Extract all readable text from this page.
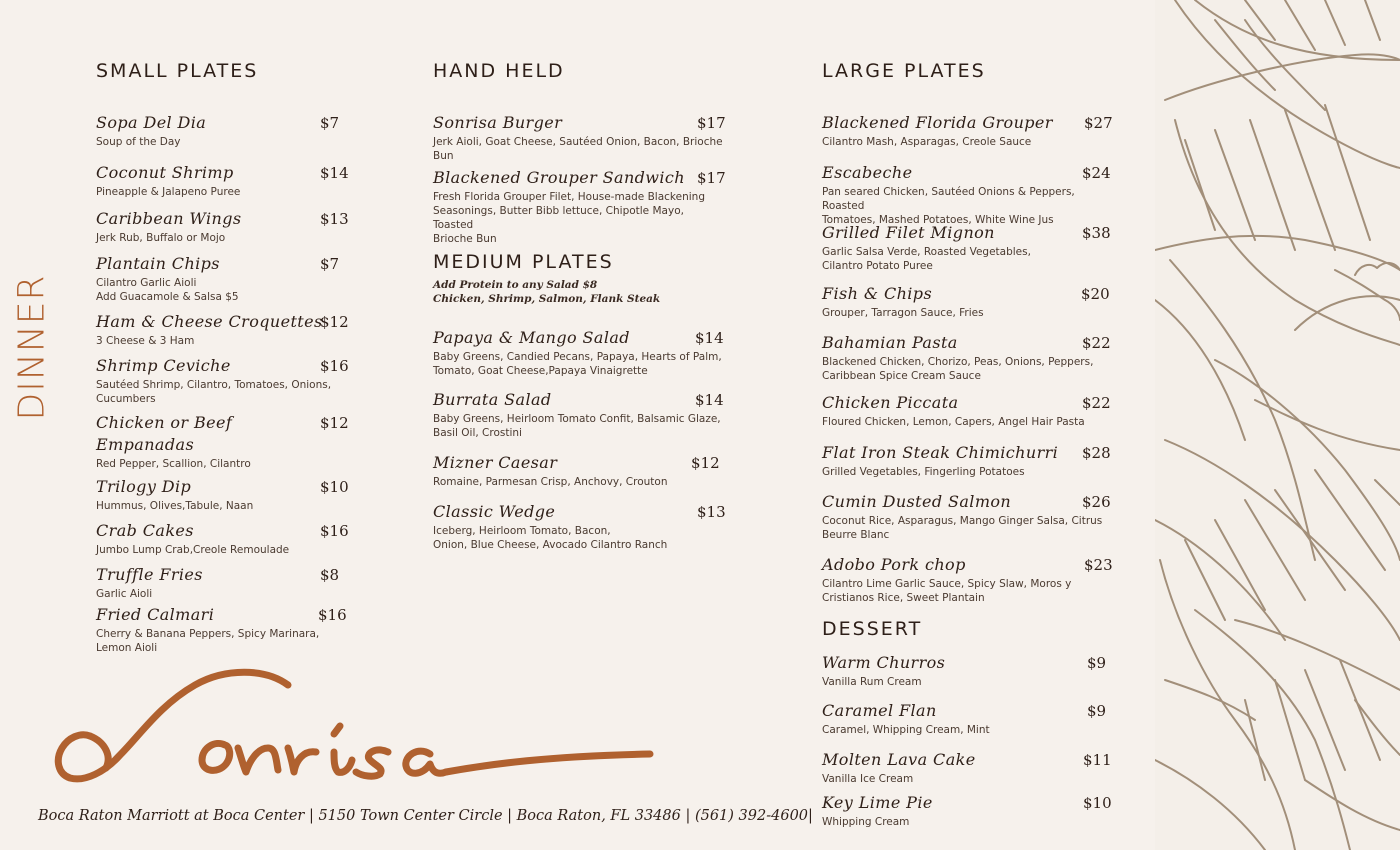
DINNER
SMALL PLATES
Sopa Del Dia
Soup of the Day
$7
Coconut Shrimp
Pineapple & Jalapeno Puree
$14
Caribbean Wings
Jerk Rub, Buffalo or Mojo
$13
Plantain Chips
Cilantro Garlic Aioli
Add Guacamole & Salsa $5
$7
Ham & Cheese Croquettes
3 Cheese & 3 Ham
$12
Shrimp Ceviche
Sautéed Shrimp, Cilantro, Tomatoes, Onions,
Cucumbers
$16
Chicken or Beef
Empanadas
Red Pepper, Scallion, Cilantro
$12
Trilogy Dip
Hummus, Olives,Tabule, Naan
$10
Crab Cakes
Jumbo Lump Crab,Creole Remoulade
$16
Truffle Fries
Garlic Aioli
$8
Fried Calmari
Cherry & Banana Peppers, Spicy Marinara,
Lemon Aioli
$16
HAND HELD
Sonrisa Burger
Jerk Aioli, Goat Cheese, Sautéed Onion, Bacon, Brioche
Bun
$17
Blackened Grouper Sandwich
Fresh Florida Grouper Filet, House-made Blackening
Seasonings, Butter Bibb lettuce, Chipotle Mayo, Toasted
Brioche Bun
$17
MEDIUM PLATES
Add Protein to any Salad $8
Chicken, Shrimp, Salmon, Flank Steak
Papaya & Mango Salad
Baby Greens, Candied Pecans, Papaya, Hearts of Palm,
Tomato, Goat Cheese,Papaya Vinaigrette
$14
Burrata Salad
Baby Greens, Heirloom Tomato Confit, Balsamic Glaze,
Basil Oil, Crostini
$14
Mizner Caesar
Romaine, Parmesan Crisp, Anchovy, Crouton
$12
Classic Wedge
Iceberg, Heirloom Tomato, Bacon,
Onion, Blue Cheese, Avocado Cilantro Ranch
$13
LARGE PLATES
Blackened Florida Grouper
Cilantro Mash, Asparagas, Creole Sauce
$27
Escabeche
Pan seared Chicken, Sautéed Onions & Peppers, Roasted
Tomatoes, Mashed Potatoes, White Wine Jus
$24
Grilled Filet Mignon
Garlic Salsa Verde, Roasted Vegetables,
Cilantro Potato Puree
$38
Fish & Chips
Grouper, Tarragon Sauce, Fries
$20
Bahamian Pasta
Blackened Chicken, Chorizo, Peas, Onions, Peppers,
Caribbean Spice Cream Sauce
$22
Chicken Piccata
Floured Chicken, Lemon, Capers, Angel Hair Pasta
$22
Flat Iron Steak Chimichurri
Grilled Vegetables, Fingerling Potatoes
$28
Cumin Dusted Salmon
Coconut Rice, Asparagus, Mango Ginger Salsa, Citrus
Beurre Blanc
$26
Adobo Pork chop
Cilantro Lime Garlic Sauce, Spicy Slaw, Moros y
Cristianos Rice, Sweet Plantain
$23
DESSERT
Warm Churros
Vanilla Rum Cream
$9
Caramel Flan
Caramel, Whipping Cream, Mint
$9
Molten Lava Cake
Vanilla Ice Cream
$11
Key Lime Pie
Whipping Cream
$10
Boca Raton Marriott at Boca Center | 5150 Town Center Circle | Boca Raton, FL 33486 | (561) 392-4600|
